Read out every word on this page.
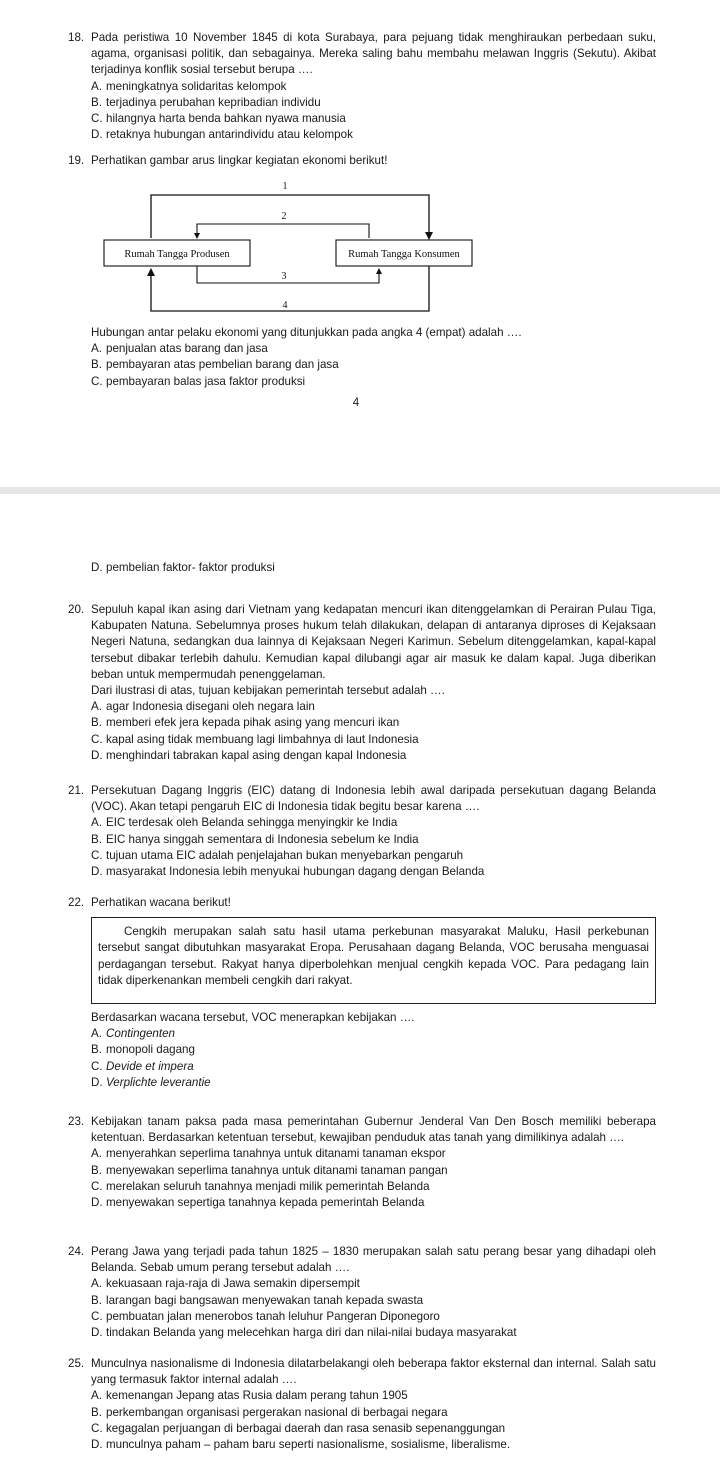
18. Pada peristiwa 10 November 1845 di kota Surabaya, para pejuang tidak menghiraukan perbedaan suku, agama, organisasi politik, dan sebagainya. Mereka saling bahu membahu melawan Inggris (Sekutu). Akibat terjadinya konflik sosial tersebut berupa ….
A. meningkatnya solidaritas kelompok
B. terjadinya perubahan kepribadian individu
C. hilangnya harta benda bahkan nyawa manusia
D. retaknya hubungan antarindividu atau kelompok
19. Perhatikan gambar arus lingkar kegiatan ekonomi berikut!
Rumah Tangga Produsen	Rumah Tangga Konsumen
1
2
3
4
Hubungan antar pelaku ekonomi yang ditunjukkan pada angka 4 (empat) adalah ….
A. penjualan atas barang dan jasa
B. pembayaran atas pembelian barang dan jasa
C. pembayaran balas jasa faktor produksi
4
D. pembelian faktor- faktor produksi
20. Sepuluh kapal ikan asing dari Vietnam yang kedapatan mencuri ikan ditenggelamkan di Perairan Pulau Tiga, Kabupaten Natuna. Sebelumnya proses hukum telah dilakukan, delapan di antaranya diproses di Kejaksaan Negeri Natuna, sedangkan dua lainnya di Kejaksaan Negeri Karimun. Sebelum ditenggelamkan, kapal-kapal tersebut dibakar terlebih dahulu. Kemudian kapal dilubangi agar air masuk ke dalam kapal. Juga diberikan beban untuk mempermudah penenggelaman.
Dari ilustrasi di atas, tujuan kebijakan pemerintah tersebut adalah ….
A. agar Indonesia disegani oleh negara lain
B. memberi efek jera kepada pihak asing yang mencuri ikan
C. kapal asing tidak membuang lagi limbahnya di laut Indonesia
D. menghindari tabrakan kapal asing dengan kapal Indonesia
21. Persekutuan Dagang Inggris (EIC) datang di Indonesia lebih awal daripada persekutuan dagang Belanda (VOC). Akan tetapi pengaruh EIC di Indonesia tidak begitu besar karena ….
A. EIC terdesak oleh Belanda sehingga menyingkir ke India
B. EIC hanya singgah sementara di Indonesia sebelum ke India
C. tujuan utama EIC adalah penjelajahan bukan menyebarkan pengaruh
D. masyarakat Indonesia lebih menyukai hubungan dagang dengan Belanda
22. Perhatikan wacana berikut!
Cengkih merupakan salah satu hasil utama perkebunan masyarakat Maluku, Hasil perkebunan tersebut sangat dibutuhkan masyarakat Eropa. Perusahaan dagang Belanda, VOC berusaha menguasai perdagangan tersebut. Rakyat hanya diperbolehkan menjual cengkih kepada VOC. Para pedagang lain tidak diperkenankan membeli cengkih dari rakyat.
Berdasarkan wacana tersebut, VOC menerapkan kebijakan ….
A. Contingenten
B. monopoli dagang
C. Devide et impera
D. Verplichte leverantie
23. Kebijakan tanam paksa pada masa pemerintahan Gubernur Jenderal Van Den Bosch memiliki beberapa ketentuan. Berdasarkan ketentuan tersebut, kewajiban penduduk atas tanah yang dimilikinya adalah ….
A. menyerahkan seperlima tanahnya untuk ditanami tanaman ekspor
B. menyewakan seperlima tanahnya untuk ditanami tanaman pangan
C. merelakan seluruh tanahnya menjadi milik pemerintah Belanda
D. menyewakan sepertiga tanahnya kepada pemerintah Belanda
24. Perang Jawa yang terjadi pada tahun 1825 – 1830 merupakan salah satu perang besar yang dihadapi oleh Belanda. Sebab umum perang tersebut adalah ….
A. kekuasaan raja-raja di Jawa semakin dipersempit
B. larangan bagi bangsawan menyewakan tanah kepada swasta
C. pembuatan jalan menerobos tanah leluhur Pangeran Diponegoro
D. tindakan Belanda yang melecehkan harga diri dan nilai-nilai budaya masyarakat
25. Munculnya nasionalisme di Indonesia dilatarbelakangi oleh beberapa faktor eksternal dan internal. Salah satu yang termasuk faktor internal adalah ….
A. kemenangan Jepang atas Rusia dalam perang tahun 1905
B. perkembangan organisasi pergerakan nasional di berbagai negara
C. kegagalan perjuangan di berbagai daerah dan rasa senasib sepenanggungan
D. munculnya paham – paham baru seperti nasionalisme, sosialisme, liberalisme.
